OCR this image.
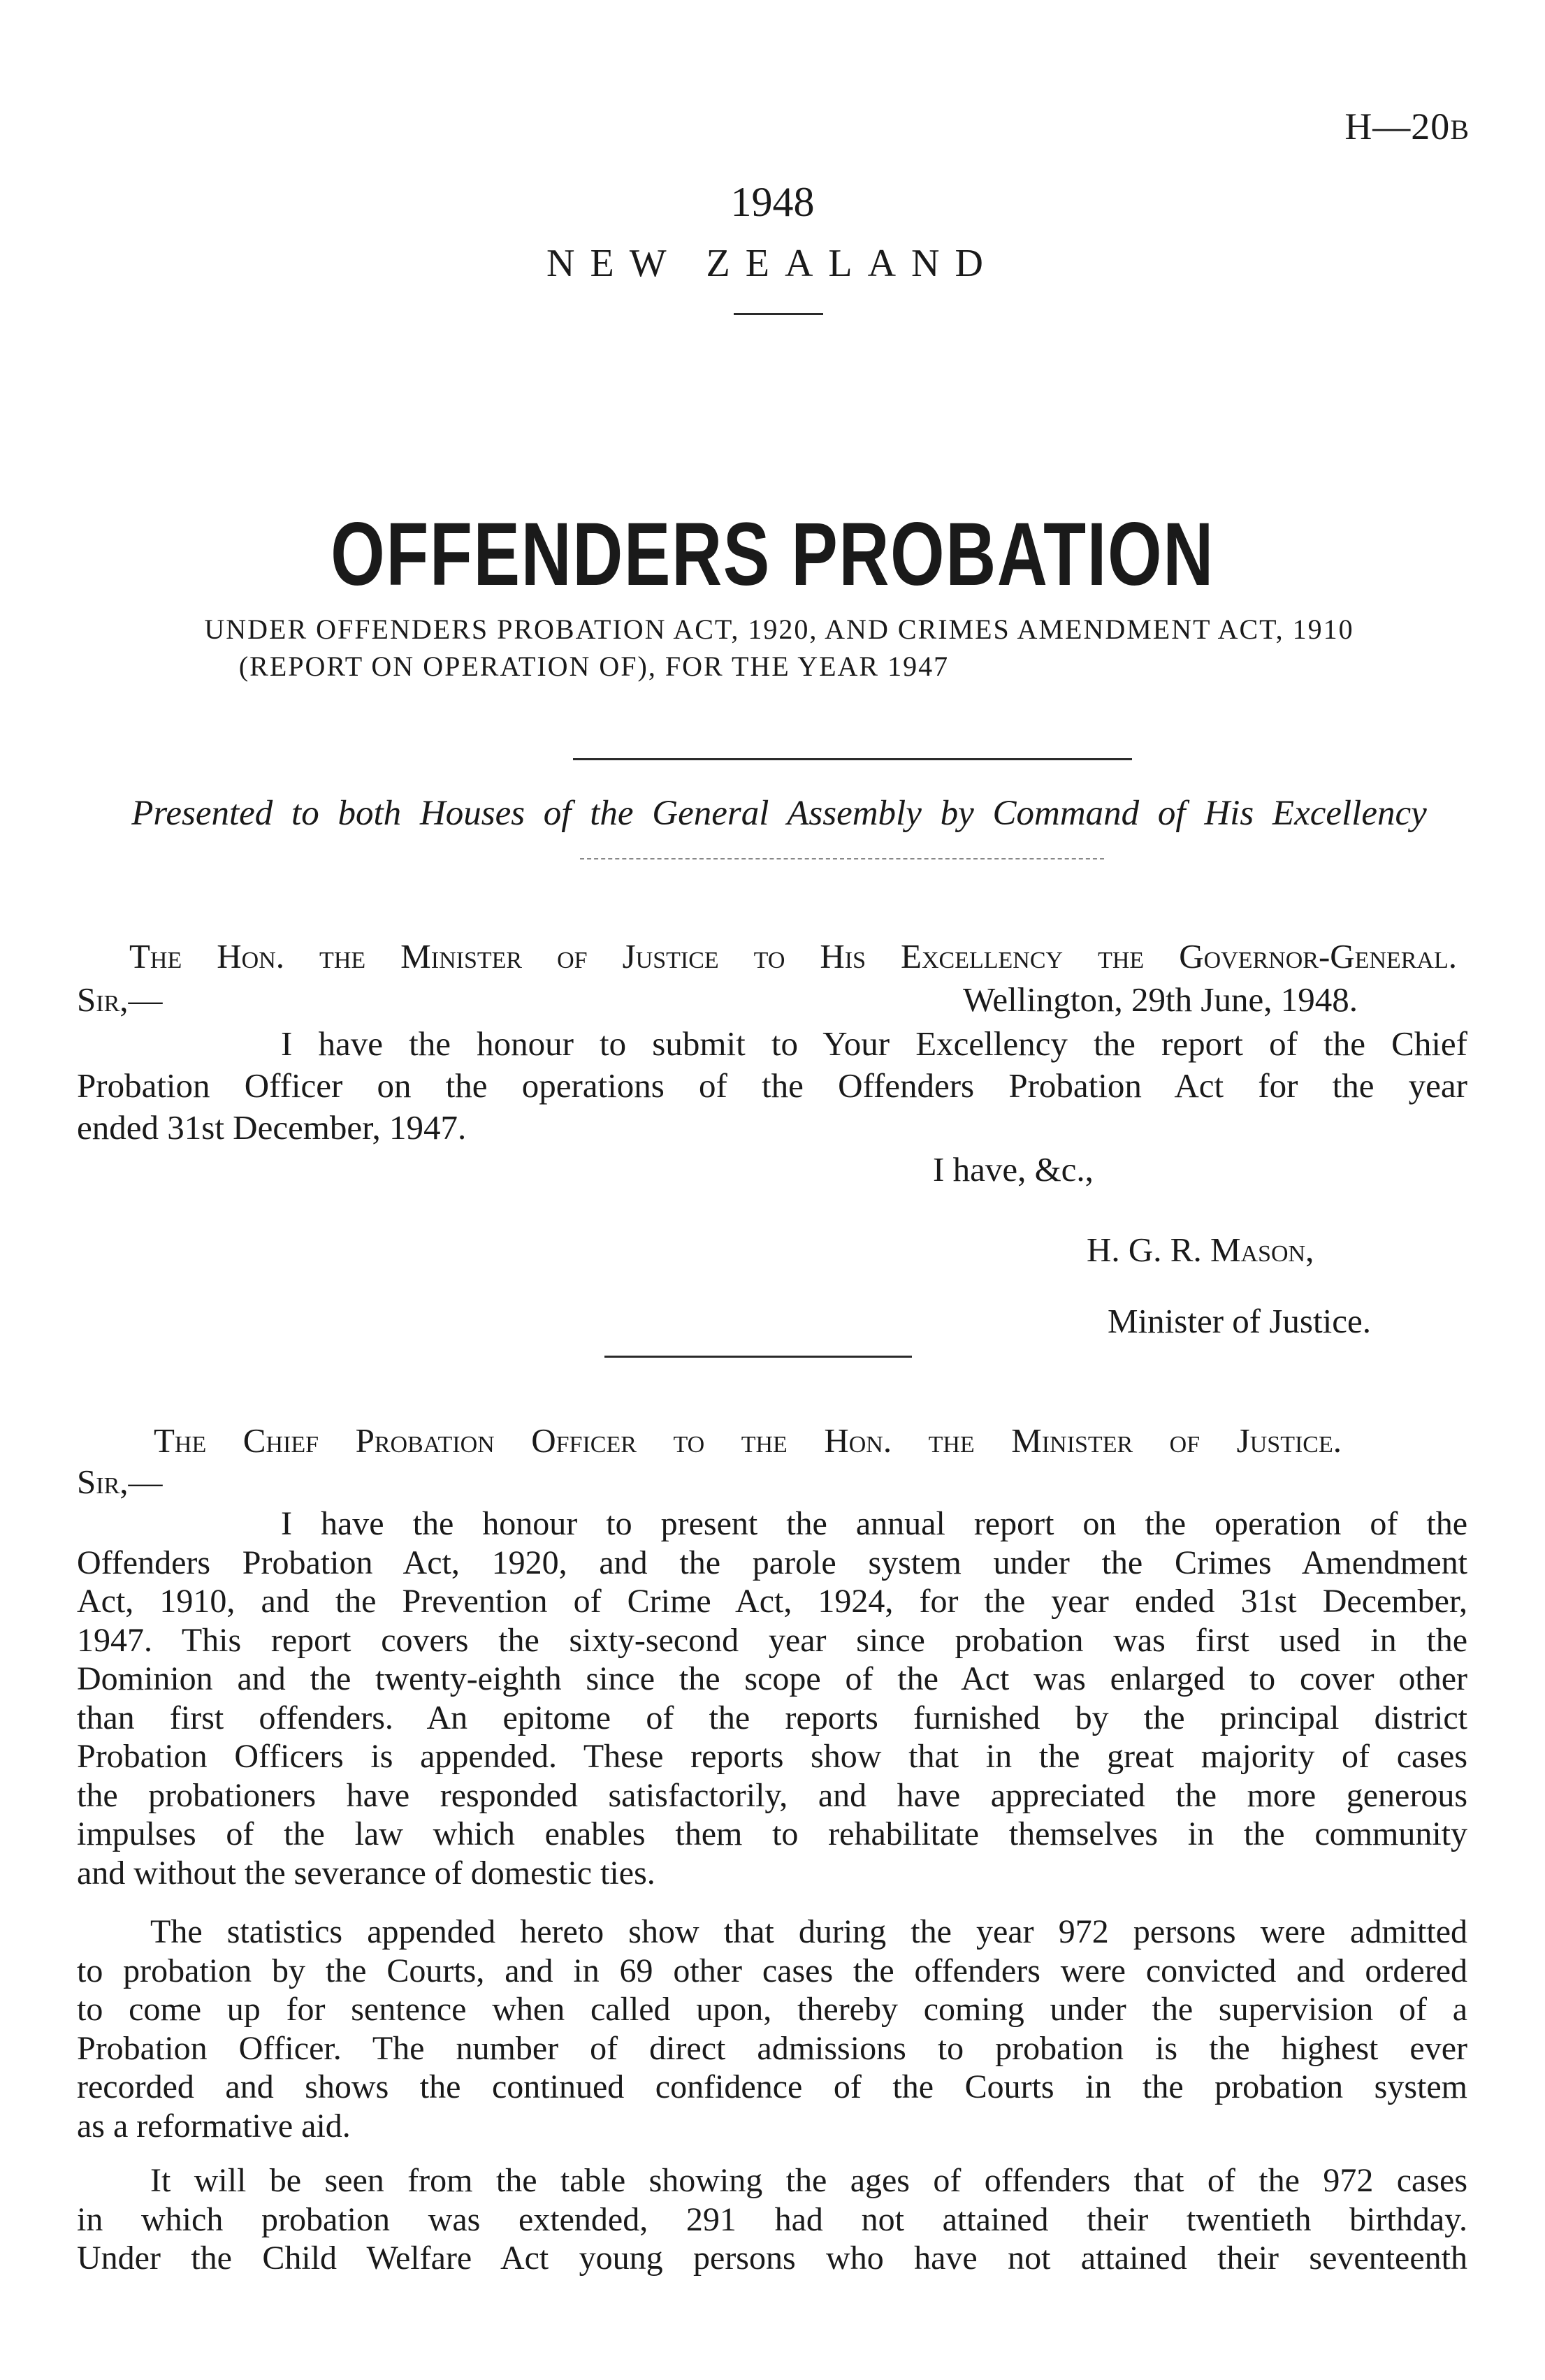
H—20B
1948
NEW ZEALAND
OFFENDERS PROBATION
UNDER OFFENDERS PROBATION ACT, 1920, AND CRIMES AMENDMENT ACT, 1910
(REPORT ON OPERATION OF), FOR THE YEAR 1947
Presented to both Houses of the General Assembly by Command of His Excellency
The Hon. the Minister of Justice to His Excellency the Governor-General.
Sir,—	Wellington, 29th June, 1948.
I have the honour to submit to Your Excellency the report of the Chief
Probation Officer on the operations of the Offenders Probation Act for the year
ended 31st December, 1947.
I have, &c.,
H. G. R. Mason,
Minister of Justice.
The Chief Probation Officer to the Hon. the Minister of Justice.
Sir,—
I have the honour to present the annual report on the operation of the
Offenders Probation Act, 1920, and the parole system under the Crimes Amendment
Act, 1910, and the Prevention of Crime Act, 1924, for the year ended 31st December,
1947. This report covers the sixty-second year since probation was first used in the
Dominion and the twenty-eighth since the scope of the Act was enlarged to cover other
than first offenders. An epitome of the reports furnished by the principal district
Probation Officers is appended. These reports show that in the great majority of cases
the probationers have responded satisfactorily, and have appreciated the more generous
impulses of the law which enables them to rehabilitate themselves in the community
and without the severance of domestic ties.
The statistics appended hereto show that during the year 972 persons were admitted
to probation by the Courts, and in 69 other cases the offenders were convicted and ordered
to come up for sentence when called upon, thereby coming under the supervision of a
Probation Officer. The number of direct admissions to probation is the highest ever
recorded and shows the continued confidence of the Courts in the probation system
as a reformative aid.
It will be seen from the table showing the ages of offenders that of the 972 cases
in which probation was extended, 291 had not attained their twentieth birthday.
Under the Child Welfare Act young persons who have not attained their seventeenth
